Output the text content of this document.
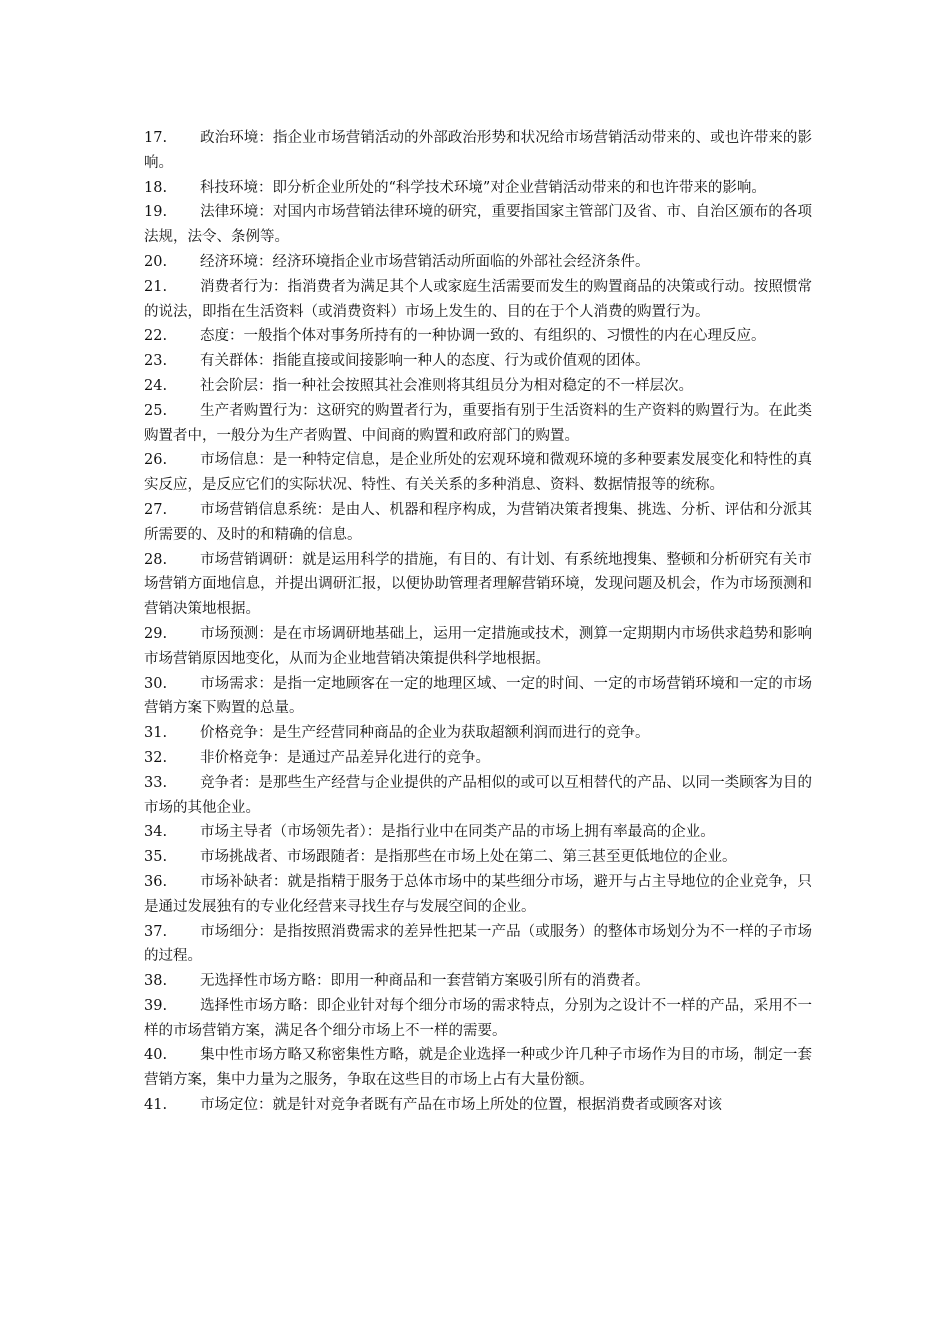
17. 政治环境：指企业市场营销活动的外部政治形势和状况给市场营销活动带来的、或也许带来的影响。

18. 科技环境：即分析企业所处的“科学技术环境”对企业营销活动带来的和也许带来的影响。

19. 法律环境：对国内市场营销法律环境的研究，重要指国家主管部门及省、市、自治区颁布的各项法规，法令、条例等。

20. 经济环境：经济环境指企业市场营销活动所面临的外部社会经济条件。

21. 消费者行为：指消费者为满足其个人或家庭生活需要而发生的购置商品的决策或行动。按照惯常的说法，即指在生活资料（或消费资料）市场上发生的、目的在于个人消费的购置行为。

22. 态度：一般指个体对事务所持有的一种协调一致的、有组织的、习惯性的内在心理反应。

23. 有关群体：指能直接或间接影响一种人的态度、行为或价值观的团体。

24. 社会阶层：指一种社会按照其社会准则将其组员分为相对稳定的不一样层次。

25. 生产者购置行为：这研究的购置者行为，重要指有别于生活资料的生产资料的购置行为。在此类购置者中，一般分为生产者购置、中间商的购置和政府部门的购置。

26. 市场信息：是一种特定信息，是企业所处的宏观环境和微观环境的多种要素发展变化和特性的真实反应，是反应它们的实际状况、特性、有关关系的多种消息、资料、数据情报等的统称。

27. 市场营销信息系统：是由人、机器和程序构成，为营销决策者搜集、挑选、分析、评估和分派其所需要的、及时的和精确的信息。

28. 市场营销调研：就是运用科学的措施，有目的、有计划、有系统地搜集、整顿和分析研究有关市场营销方面地信息，并提出调研汇报，以便协助管理者理解营销环境，发现问题及机会，作为市场预测和营销决策地根据。

29. 市场预测：是在市场调研地基础上，运用一定措施或技术，测算一定期期内市场供求趋势和影响市场营销原因地变化，从而为企业地营销决策提供科学地根据。

30. 市场需求：是指一定地顾客在一定的地理区域、一定的时间、一定的市场营销环境和一定的市场营销方案下购置的总量。

31. 价格竞争：是生产经营同种商品的企业为获取超额利润而进行的竞争。

32. 非价格竞争：是通过产品差异化进行的竞争。

33. 竞争者：是那些生产经营与企业提供的产品相似的或可以互相替代的产品、以同一类顾客为目的市场的其他企业。

34. 市场主导者（市场领先者）：是指行业中在同类产品的市场上拥有率最高的企业。

35. 市场挑战者、市场跟随者：是指那些在市场上处在第二、第三甚至更低地位的企业。

36. 市场补缺者：就是指精于服务于总体市场中的某些细分市场，避开与占主导地位的企业竞争，只是通过发展独有的专业化经营来寻找生存与发展空间的企业。

37. 市场细分：是指按照消费需求的差异性把某一产品（或服务）的整体市场划分为不一样的子市场的过程。

38. 无选择性市场方略：即用一种商品和一套营销方案吸引所有的消费者。

39. 选择性市场方略：即企业针对每个细分市场的需求特点，分别为之设计不一样的产品，采用不一样的市场营销方案，满足各个细分市场上不一样的需要。

40. 集中性市场方略又称密集性方略，就是企业选择一种或少许几种子市场作为目的市场，制定一套营销方案，集中力量为之服务，争取在这些目的市场上占有大量份额。

41. 市场定位：就是针对竞争者既有产品在市场上所处的位置，根据消费者或顾客对该
